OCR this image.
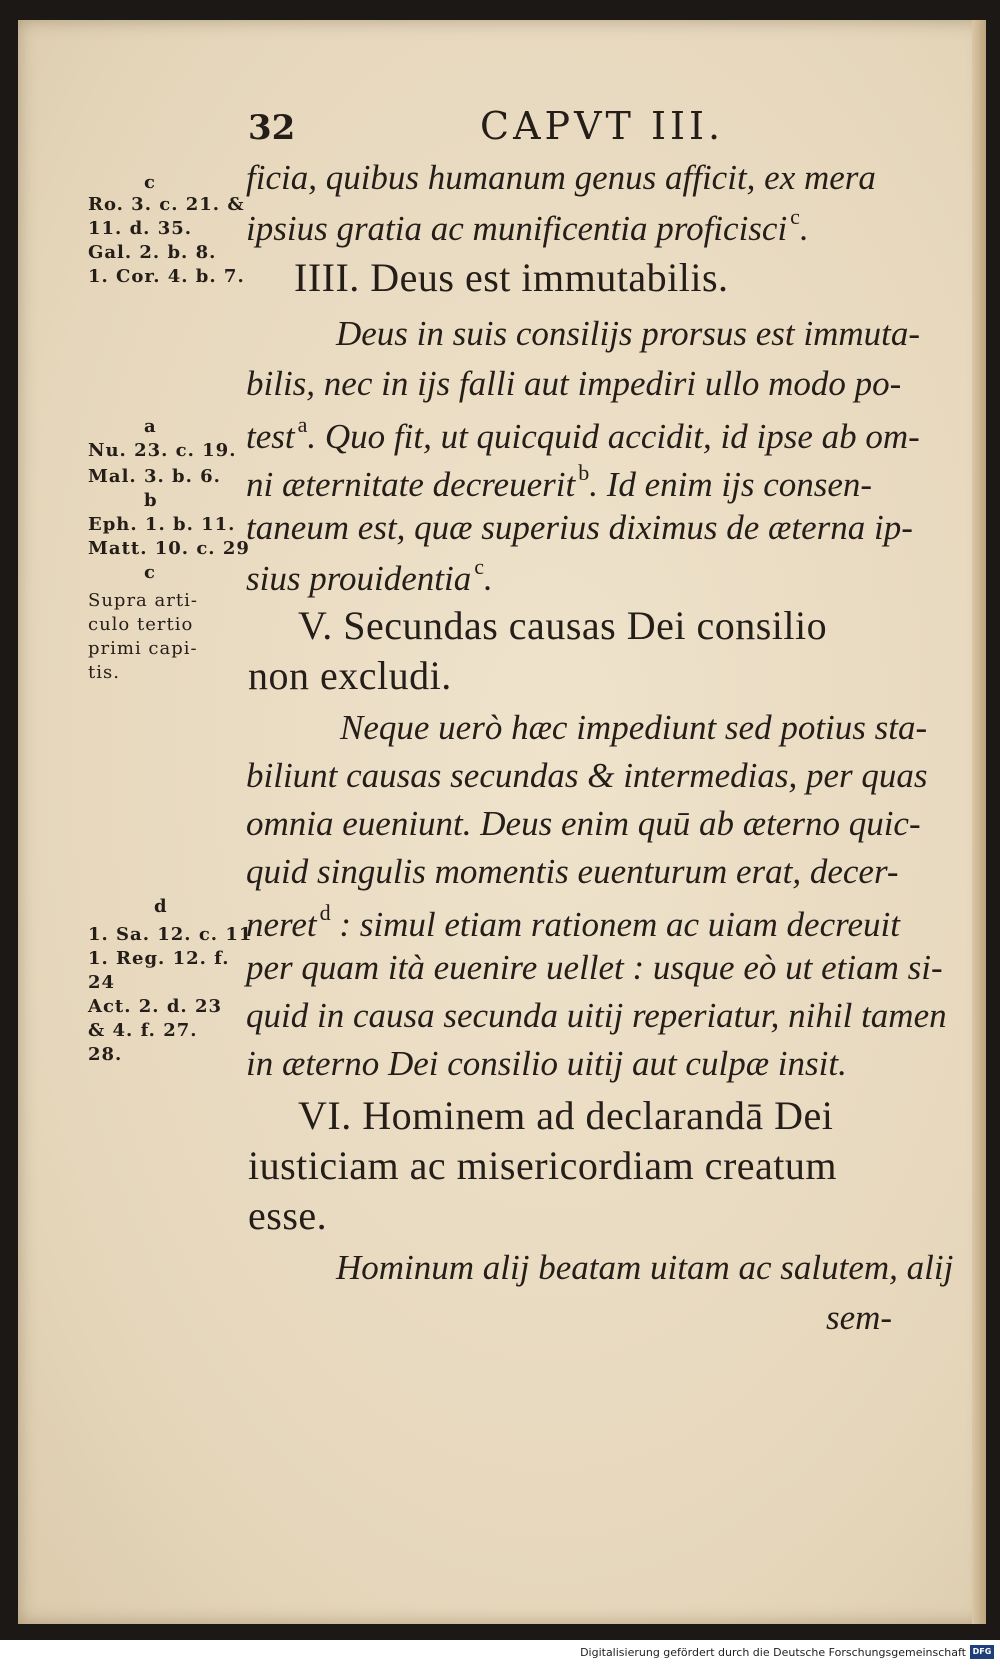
32	CAPVT III.
c
Ro. 3. c. 21. &
11. d. 35.
Gal. 2. b. 8.
1. Cor. 4. b. 7.
a
Nu. 23. c. 19.
Mal. 3. b. 6.
b
Eph. 1. b. 11.
Matt. 10. c. 29
c
Supra arti-
culo tertio
primi capi-
tis.
d
1. Sa. 12. c. 11
1. Reg. 12. f.
24
Act. 2. d. 23
& 4. f. 27.
28.
ficia, quibus humanum genus afficit, ex mera
ipsius gratia ac munificentia proficisci $^c$.
IIII. Deus est immutabilis.
Deus in suis consilijs prorsus est immuta-
bilis, nec in ijs falli aut impediri ullo modo po-
test $^a$. Quo fit, ut quicquid accidit, id ipse ab om-
ni æternitate decreuerit $^b$. Id enim ijs consen-
taneum est, quæ superius diximus de æterna ip-
sius prouidentia $^c$.
V. Secundas causas Dei consilio
non excludi.
Neque uerò hæc impediunt sed potius sta-
biliunt causas secundas & intermedias, per quas
omnia eueniunt. Deus enim quū ab æterno quic-
quid singulis momentis euenturum erat, decer-
neret $^d$ : simul etiam rationem ac uiam decreuit
per quam ità euenire uellet : usque eò ut etiam si-
quid in causa secunda uitij reperiatur, nihil tamen
in æterno Dei consilio uitij aut culpæ insit.
VI. Hominem ad declarandā Dei
iusticiam ac misericordiam creatum
esse.
Hominum alij beatam uitam ac salutem, alij
sem-
Digitalisierung gefördert durch die Deutsche Forschungsgemeinschaft DFG
